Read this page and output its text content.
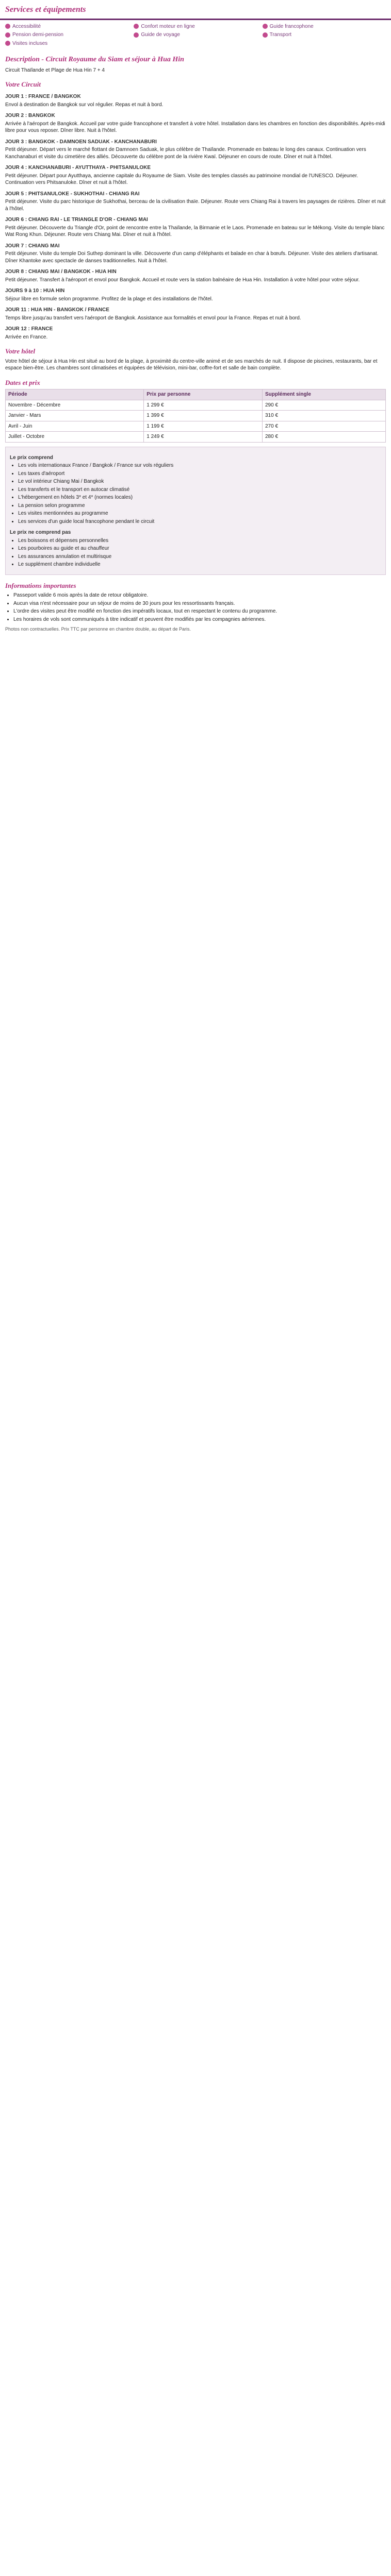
Services et équipements
Accessibilité	Confort moteur en ligne	Guide francophone
Pension demi-pension	Guide de voyage	Transport
Visites incluses
Description - Circuit Royaume du Siam et séjour à Hua Hin

Circuit Thaïlande et Plage de Hua Hin 7 + 4

Votre Circuit
JOUR 1 : FRANCE / BANGKOK

Envol à destination de Bangkok sur vol régulier. Repas et nuit à bord.

JOUR 2 : BANGKOK

Arrivée à l'aéroport de Bangkok. Accueil par votre guide francophone et transfert à votre hôtel. Installation dans les chambres en fonction des disponibilités. Après-midi libre pour vous reposer. Dîner libre. Nuit à l'hôtel.

JOUR 3 : BANGKOK - DAMNOEN SADUAK - KANCHANABURI

Petit déjeuner. Départ vers le marché flottant de Damnoen Saduak, le plus célèbre de Thaïlande. Promenade en bateau le long des canaux. Continuation vers Kanchanaburi et visite du cimetière des alliés. Découverte du célèbre pont de la rivière Kwaï. Déjeuner en cours de route. Dîner et nuit à l'hôtel.

JOUR 4 : KANCHANABURI - AYUTTHAYA - PHITSANULOKE

Petit déjeuner. Départ pour Ayutthaya, ancienne capitale du Royaume de Siam. Visite des temples classés au patrimoine mondial de l'UNESCO. Déjeuner. Continuation vers Phitsanuloke. Dîner et nuit à l'hôtel.

JOUR 5 : PHITSANULOKE - SUKHOTHAI - CHIANG RAI

Petit déjeuner. Visite du parc historique de Sukhothai, berceau de la civilisation thaïe. Déjeuner. Route vers Chiang Rai à travers les paysages de rizières. Dîner et nuit à l'hôtel.

JOUR 6 : CHIANG RAI - LE TRIANGLE D'OR - CHIANG MAI

Petit déjeuner. Découverte du Triangle d'Or, point de rencontre entre la Thaïlande, la Birmanie et le Laos. Promenade en bateau sur le Mékong. Visite du temple blanc Wat Rong Khun. Déjeuner. Route vers Chiang Mai. Dîner et nuit à l'hôtel.

JOUR 7 : CHIANG MAI

Petit déjeuner. Visite du temple Doi Suthep dominant la ville. Découverte d'un camp d'éléphants et balade en char à bœufs. Déjeuner. Visite des ateliers d'artisanat. Dîner Khantoke avec spectacle de danses traditionnelles. Nuit à l'hôtel.

JOUR 8 : CHIANG MAI / BANGKOK - HUA HIN

Petit déjeuner. Transfert à l'aéroport et envol pour Bangkok. Accueil et route vers la station balnéaire de Hua Hin. Installation à votre hôtel pour votre séjour.

JOURS 9 à 10 : HUA HIN

Séjour libre en formule selon programme. Profitez de la plage et des installations de l'hôtel.

JOUR 11 : HUA HIN - BANGKOK / FRANCE

Temps libre jusqu'au transfert vers l'aéroport de Bangkok. Assistance aux formalités et envol pour la France. Repas et nuit à bord.

JOUR 12 : FRANCE

Arrivée en France.

Votre hôtel

Votre hôtel de séjour à Hua Hin est situé au bord de la plage, à proximité du centre-ville animé et de ses marchés de nuit. Il dispose de piscines, restaurants, bar et espace bien-être. Les chambres sont climatisées et équipées de télévision, mini-bar, coffre-fort et salle de bain complète.

Dates et prix
Période	Prix par personne	Supplément single
Novembre - Décembre	1 299 €	290 €
Janvier - Mars	1 399 €	310 €
Avril - Juin	1 199 €	270 €
Juillet - Octobre	1 249 €	280 €
Le prix comprend
• Les vols internationaux France / Bangkok / France sur vols réguliers
• Les taxes d'aéroport
• Le vol intérieur Chiang Mai / Bangkok
• Les transferts et le transport en autocar climatisé
• L'hébergement en hôtels 3* et 4* (normes locales)
• La pension selon programme
• Les visites mentionnées au programme
• Les services d'un guide local francophone pendant le circuit
Le prix ne comprend pas
• Les boissons et dépenses personnelles
• Les pourboires au guide et au chauffeur
• Les assurances annulation et multirisque
• Le supplément chambre individuelle
Informations importantes
• Passeport valide 6 mois après la date de retour obligatoire.
• Aucun visa n'est nécessaire pour un séjour de moins de 30 jours pour les ressortissants français.
• L'ordre des visites peut être modifié en fonction des impératifs locaux, tout en respectant le contenu du programme.
• Les horaires de vols sont communiqués à titre indicatif et peuvent être modifiés par les compagnies aériennes.

Photos non contractuelles. Prix TTC par personne en chambre double, au départ de Paris.
